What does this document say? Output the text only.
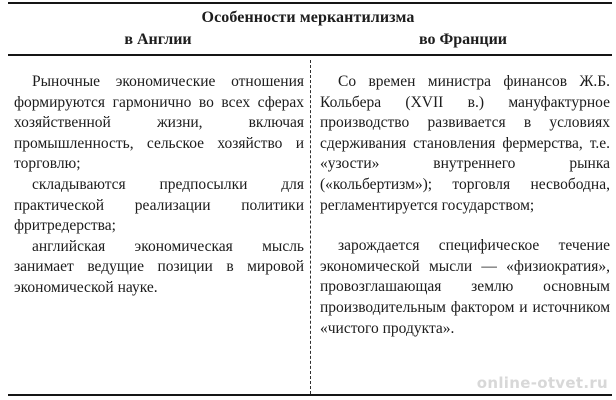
Особенности меркантилизма
в Англии	во Франции

Рыночные экономические отношения формируются гармонично во всех сферах хозяйственной жизни, включая промышленность, сельское хозяйство и торговлю;

складываются предпосылки для практической реализации политики фритредерства;

английская экономическая мысль занимает ведущие позиции в мировой экономической науке.

Со времен министра финансов Ж.Б. Кольбера (XVII в.) мануфактурное производство развивается в условиях сдерживания становления фермерства, т.е. «узости» внутреннего рынка («кольбертизм»); торговля несвободна, регламентируется государством;

зарождается специфическое течение экономической мысли — «физиократия», провозглашающая землю основным производительным фактором и источником «чистого продукта».

online-otvet.ru
